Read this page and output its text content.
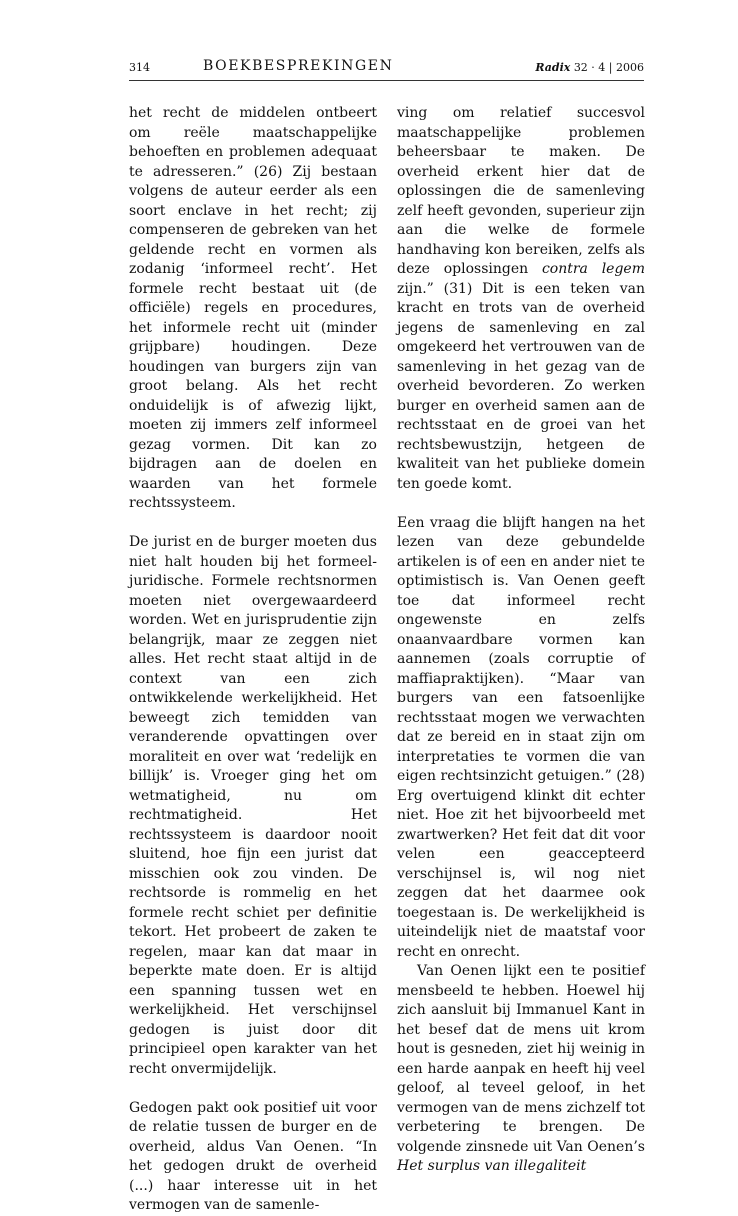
314	BOEKBESPREKINGEN	Radix 32 · 4 | 2006

het recht de middelen ontbeert om reële maatschappelijke behoeften en problemen adequaat te adresseren.” (26) Zij bestaan volgens de auteur eerder als een soort enclave in het recht; zij compenseren de gebreken van het geldende recht en vormen als zodanig ‘informeel recht’. Het formele recht bestaat uit (de officiële) regels en procedures, het informele recht uit (minder grijpbare) houdingen. Deze houdingen van burgers zijn van groot belang. Als het recht onduidelijk is of afwezig lijkt, moeten zij immers zelf informeel gezag vormen. Dit kan zo bijdragen aan de doelen en waarden van het formele rechtssysteem.

De jurist en de burger moeten dus niet halt houden bij het formeel-juridische. Formele rechtsnormen moeten niet overgewaardeerd worden. Wet en jurisprudentie zijn belangrijk, maar ze zeggen niet alles. Het recht staat altijd in de context van een zich ontwikkelende werkelijkheid. Het beweegt zich temidden van veranderende opvattingen over moraliteit en over wat ‘redelijk en billijk’ is. Vroeger ging het om wetmatigheid, nu om rechtmatigheid. Het rechtssysteem is daardoor nooit sluitend, hoe fijn een jurist dat misschien ook zou vinden. De rechtsorde is rommelig en het formele recht schiet per definitie tekort. Het probeert de zaken te regelen, maar kan dat maar in beperkte mate doen. Er is altijd een spanning tussen wet en werkelijkheid. Het verschijnsel gedogen is juist door dit principieel open karakter van het recht onvermijdelijk.

Gedogen pakt ook positief uit voor de relatie tussen de burger en de overheid, aldus Van Oenen. “In het gedogen drukt de overheid (...) haar interesse uit in het vermogen van de samenle-

ving om relatief succesvol maatschappelijke problemen beheersbaar te maken. De overheid erkent hier dat de oplossingen die de samenleving zelf heeft gevonden, superieur zijn aan die welke de formele handhaving kon bereiken, zelfs als deze oplossingen contra legem zijn.” (31) Dit is een teken van kracht en trots van de overheid jegens de samenleving en zal omgekeerd het vertrouwen van de samenleving in het gezag van de overheid bevorderen. Zo werken burger en overheid samen aan de rechtsstaat en de groei van het rechtsbewustzijn, hetgeen de kwaliteit van het publieke domein ten goede komt.

Een vraag die blijft hangen na het lezen van deze gebundelde artikelen is of een en ander niet te optimistisch is. Van Oenen geeft toe dat informeel recht ongewenste en zelfs onaanvaardbare vormen kan aannemen (zoals corruptie of maffiapraktijken). “Maar van burgers van een fatsoenlijke rechtsstaat mogen we verwachten dat ze bereid en in staat zijn om interpretaties te vormen die van eigen rechtsinzicht getuigen.” (28) Erg overtuigend klinkt dit echter niet. Hoe zit het bijvoorbeeld met zwartwerken? Het feit dat dit voor velen een geaccepteerd verschijnsel is, wil nog niet zeggen dat het daarmee ook toegestaan is. De werkelijkheid is uiteindelijk niet de maatstaf voor recht en onrecht.

Van Oenen lijkt een te positief mensbeeld te hebben. Hoewel hij zich aansluit bij Immanuel Kant in het besef dat de mens uit krom hout is gesneden, ziet hij weinig in een harde aanpak en heeft hij veel geloof, al teveel geloof, in het vermogen van de mens zichzelf tot verbetering te brengen. De volgende zinsnede uit Van Oenen’s Het surplus van illegaliteit
